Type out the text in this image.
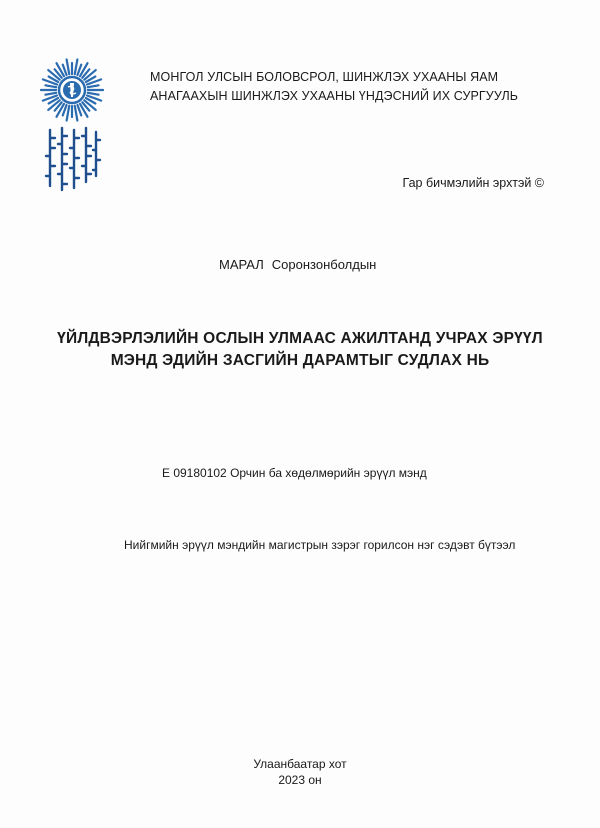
МОНГОЛ УЛСЫН БОЛОВСРОЛ, ШИНЖЛЭХ УХААНЫ ЯАМ
АНАГААХЫН ШИНЖЛЭХ УХААНЫ ҮНДЭСНИЙ ИХ СУРГУУЛЬ
Гар бичмэлийн эрхтэй ©
МАРАЛ Соронзонболдын
ҮЙЛДВЭРЛЭЛИЙН ОСЛЫН УЛМААС АЖИЛТАНД УЧРАХ ЭРҮҮЛ
МЭНД ЭДИЙН ЗАСГИЙН ДАРАМТЫГ СУДЛАХ НЬ
Е 09180102 Орчин ба хөдөлмөрийн эрүүл мэнд
Нийгмийн эрүүл мэндийн магистрын зэрэг горилсон нэг сэдэвт бүтээл
Улаанбаатар хот
2023 он
